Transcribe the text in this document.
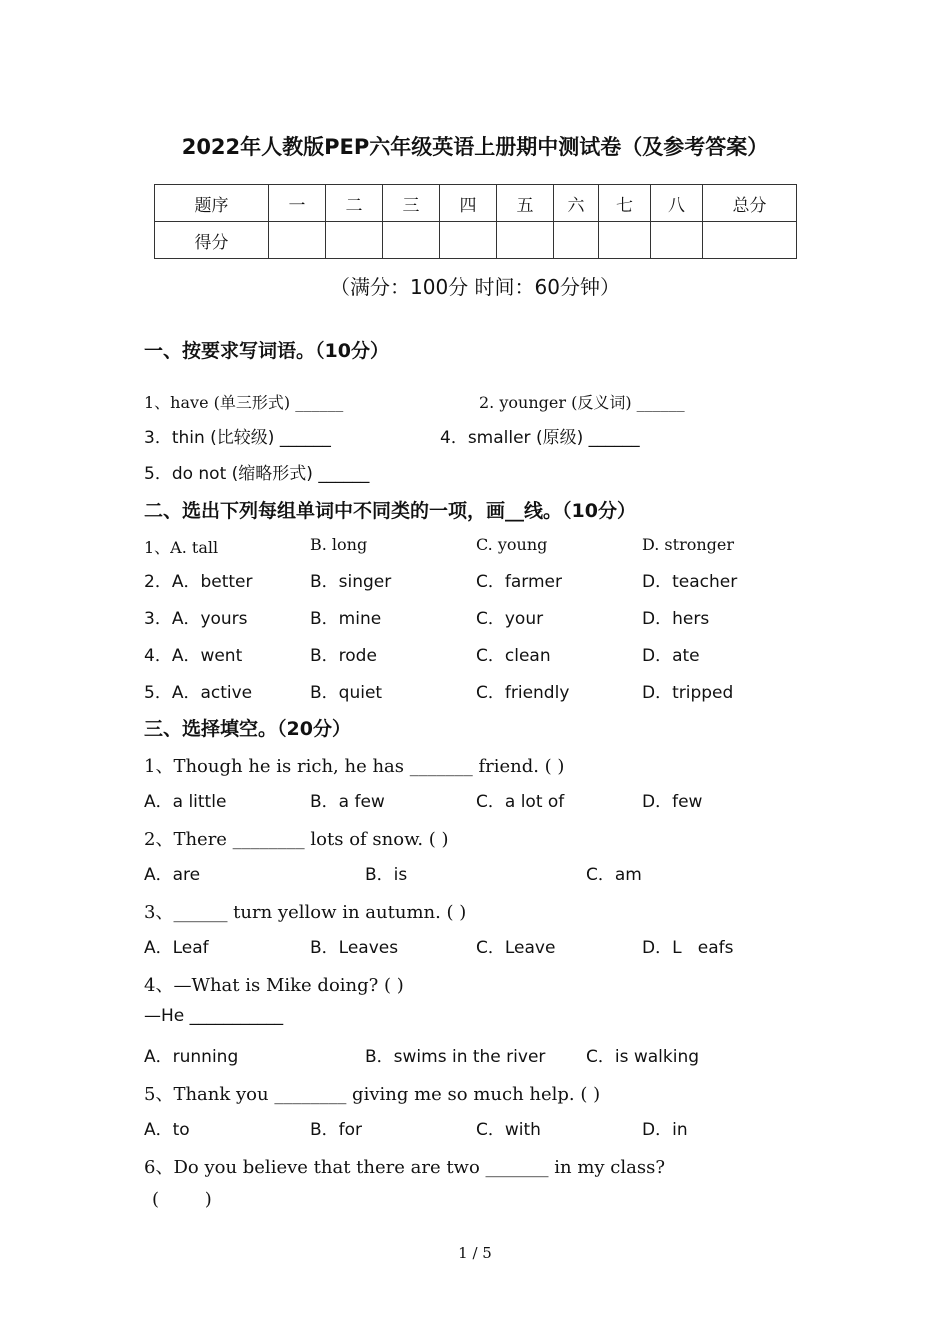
2022年人教版PEP六年级英语上册期中测试卷（及参考答案）
题序	一	二	三	四	五	六	七	八	总分
得分									
（满分：100分 时间：60分钟）
一、按要求写词语。（10分）
1、have (单三形式) ______	2. younger (反义词) ______
3．thin (比较级) ______	4．smaller (原级) ______
5．do not (缩略形式) ______
二、选出下列每组单词中不同类的一项，画__线。（10分）
1、A. tall	B. long	C. young	D. stronger
2．A．better	B．singer	C．farmer	D．teacher
3．A．yours	B．mine	C．your	D．hers
4．A．went	B．rode	C．clean	D．ate
5．A．active	B．quiet	C．friendly	D．tripped
三、选择填空。（20分）
1、Though he is rich, he has _______ friend. ( )
A．a little	B．a few	C．a lot of	D．few
2、There ________ lots of snow. ( )
A．are	B．is	C．am
3、______ turn yellow in autumn. ( )
A．Leaf	B．Leaves	C．Leave	D．L   eafs
4、—What is Mike doing? ( )
—He ___________
A．running	B．swims in the river C．is walking
5、Thank you ________ giving me so much help. ( )
A．to	B．for	C．with	D．in
6、Do you believe that there are two _______ in my class?
(        )
1 / 5
